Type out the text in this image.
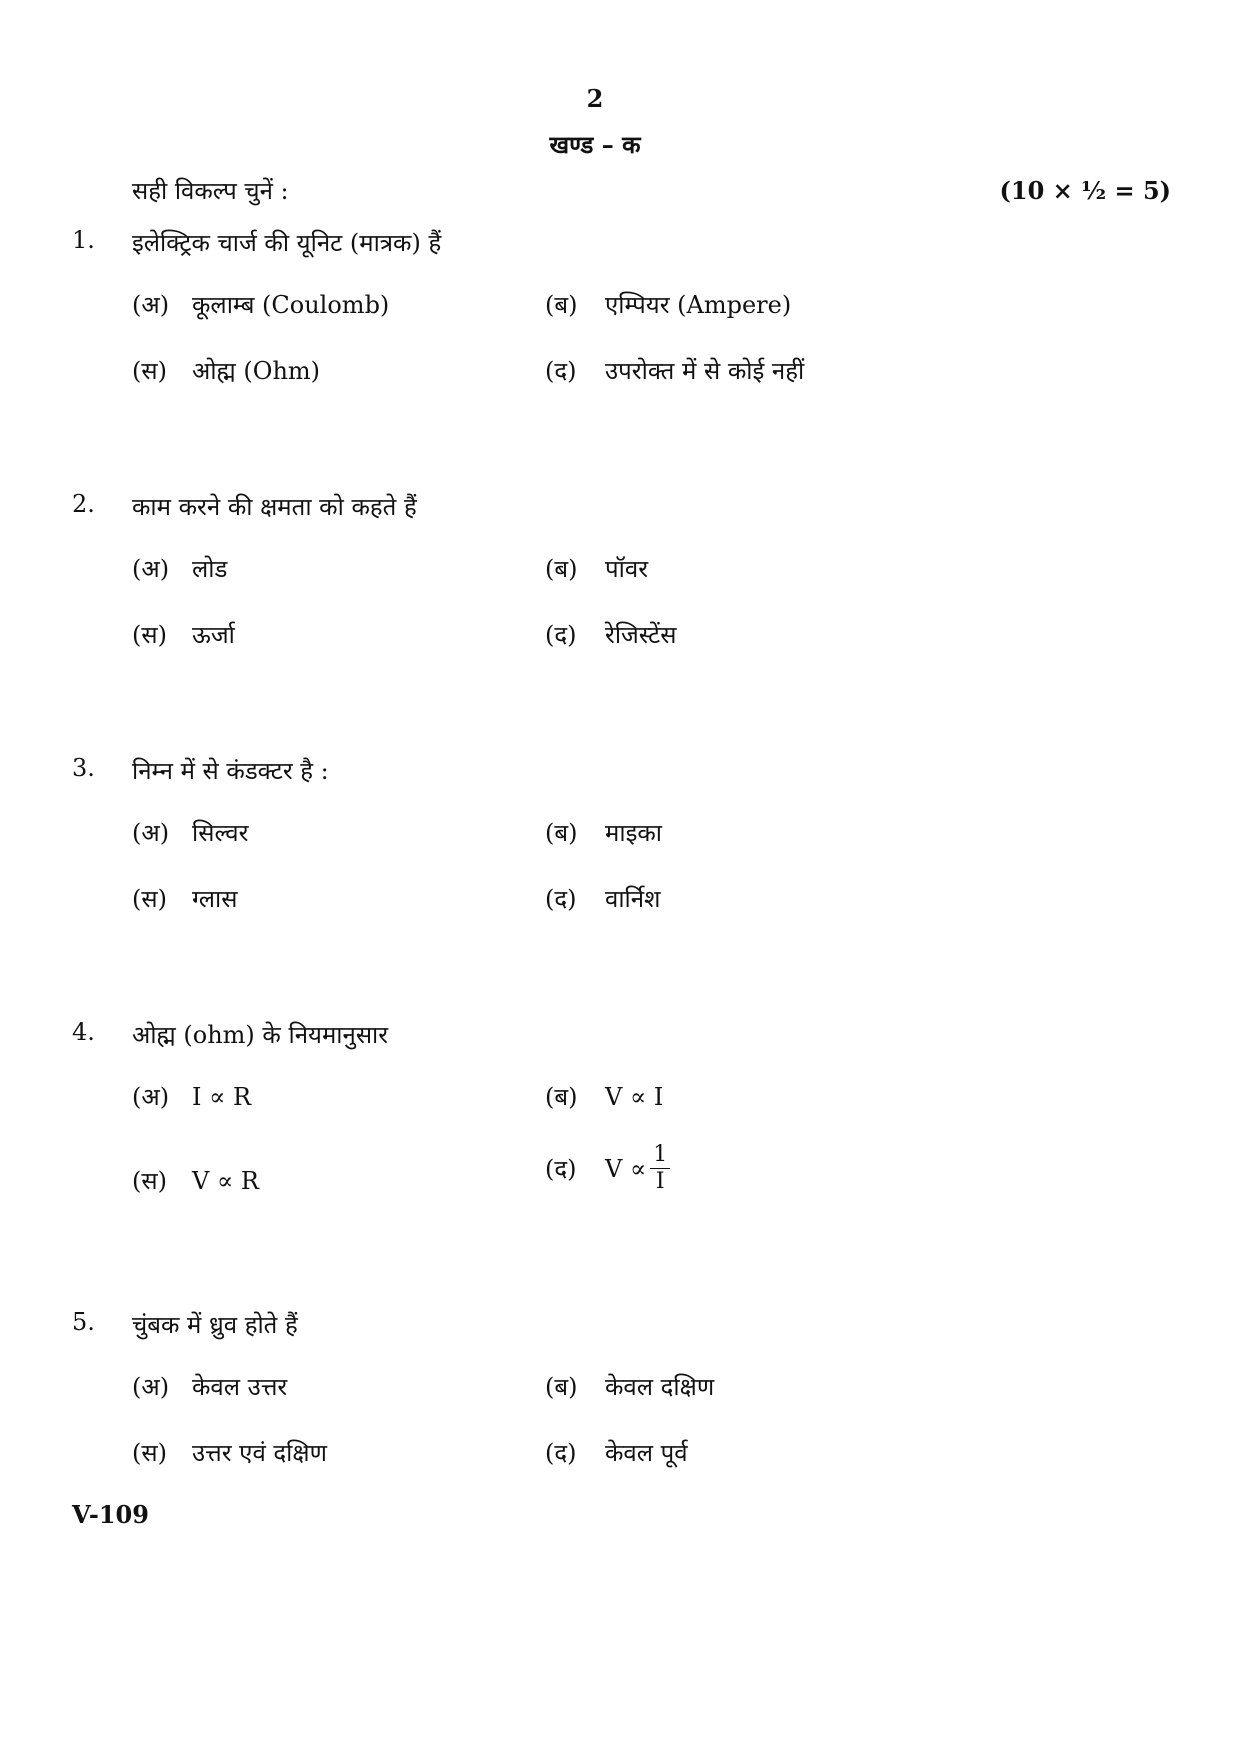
2
खण्ड – क
सही विकल्प चुनें :	(10 × ½ = 5)
1. इलेक्ट्रिक चार्ज की यूनिट (मात्रक) हैं
(अ) कूलाम्ब (Coulomb)	(ब)	एम्पियर (Ampere)
(स)	ओह्म (Ohm)	(द)	उपरोक्त में से कोई नहीं
2. काम करने की क्षमता को कहते हैं
(अ) लोड	(ब)	पॉवर
(स)	ऊर्जा	(द)	रेजिस्टेंस
3. निम्न में से कंडक्टर है :
(अ) सिल्वर	(ब)	माइका
(स)	ग्लास	(द)	वार्निश
4. ओह्म (ohm) के नियमानुसार
(अ) I ∝ R	(ब)	V ∝ I
(स)	V ∝ R	(द)	$V \propto \frac{1}{I}$
5. चुंबक में ध्रुव होते हैं
(अ) केवल उत्तर	(ब)	केवल दक्षिण
(स)	उत्तर एवं दक्षिण	(द)	केवल पूर्व
V-109
